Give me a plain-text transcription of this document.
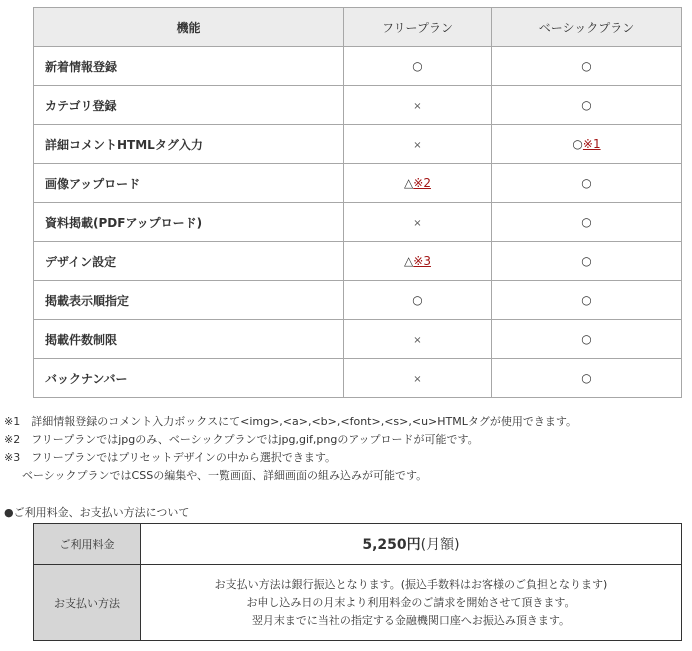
機能	フリープラン	ベーシックプラン
新着情報登録	○	○
カテゴリ登録	×	○
詳細コメントHTMLタグ入力	×	○※1
画像アップロード	△※2	○
資料掲載(PDFアップロード)	×	○
デザイン設定	△※3	○
掲載表示順指定	○	○
掲載件数制限	×	○
バックナンバー	×	○
※1　詳細情報登録のコメント入力ボックスにて<img>,<a>,<b>,<font>,<s>,<u>HTMLタグが使用できます。
※2　フリープランではjpgのみ、ベーシックプランではjpg,gif,pngのアップロードが可能です。
※3　フリープランではプリセットデザインの中から選択できます。
ベーシックプランではCSSの編集や、一覧画面、詳細画面の組み込みが可能です。
●ご利用料金、お支払い方法について
ご利用料金	5,250円(月額)
お支払い方法	お支払い方法は銀行振込となります。(振込手数料はお客様のご負担となります)
お申し込み日の月末より利用料金のご請求を開始させて頂きます。
翌月末までに当社の指定する金融機関口座へお振込み頂きます。
